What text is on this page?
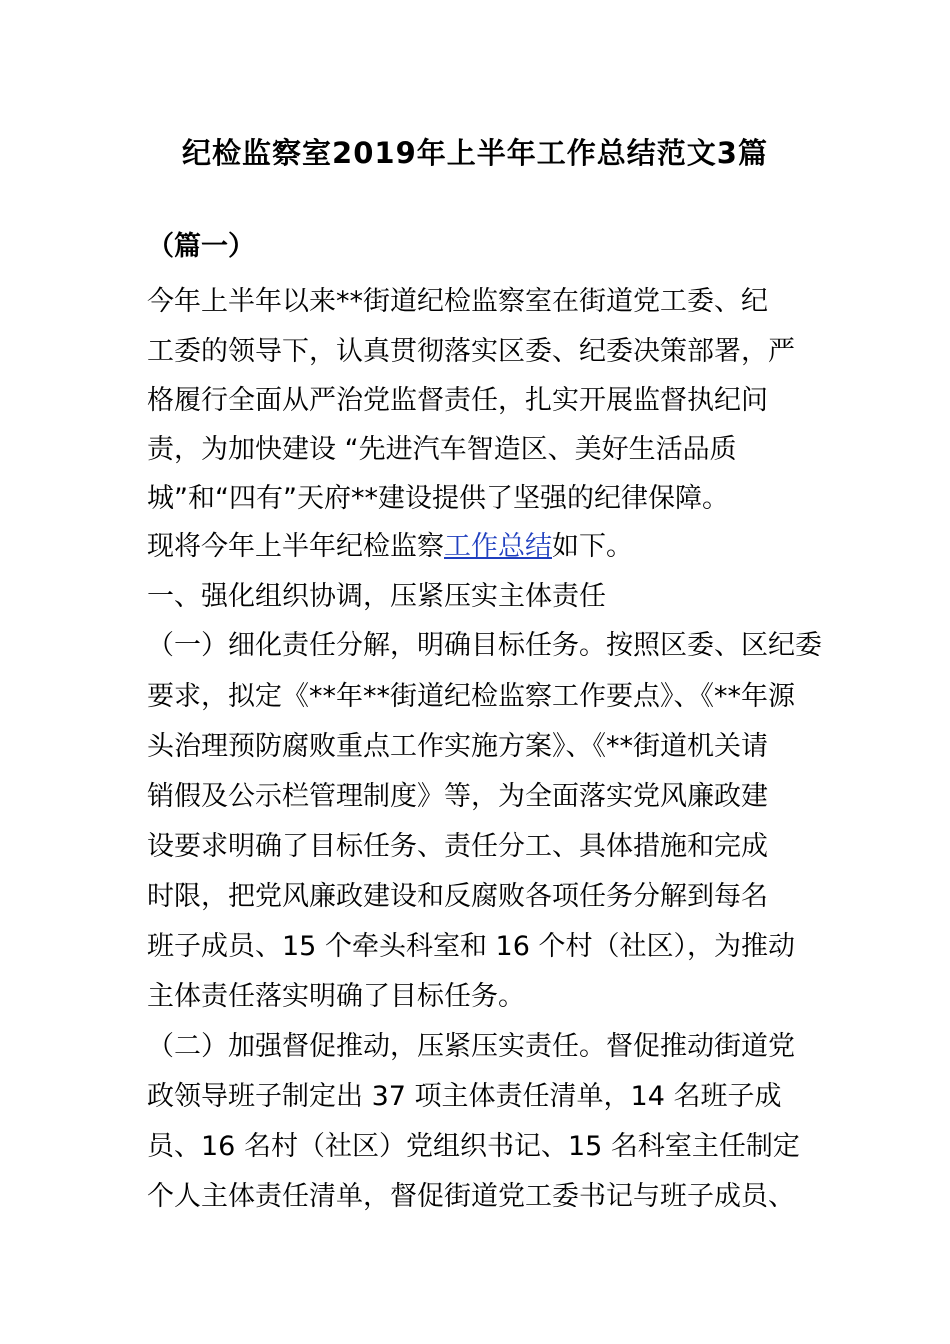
纪检监察室2019年上半年工作总结范文3篇
（篇一）
今年上半年以来**街道纪检监察室在街道党工委、纪
工委的领导下，认真贯彻落实区委、纪委决策部署，严
格履行全面从严治党监督责任，扎实开展监督执纪问
责，为加快建设 “先进汽车智造区、美好生活品质
城”和“四有”天府**建设提供了坚强的纪律保障。
现将今年上半年纪检监察工作总结如下。
一、强化组织协调，压紧压实主体责任
（一）细化责任分解，明确目标任务。按照区委、区纪委
要求，拟定《**年**街道纪检监察工作要点》、《**年源
头治理预防腐败重点工作实施方案》、《**街道机关请
销假及公示栏管理制度》等，为全面落实党风廉政建
设要求明确了目标任务、责任分工、具体措施和完成
时限，把党风廉政建设和反腐败各项任务分解到每名
班子成员、15 个牵头科室和 16 个村（社区），为推动
主体责任落实明确了目标任务。
（二）加强督促推动，压紧压实责任。督促推动街道党
政领导班子制定出 37 项主体责任清单，14 名班子成
员、16 名村（社区）党组织书记、15 名科室主任制定
个人主体责任清单，督促街道党工委书记与班子成员、
